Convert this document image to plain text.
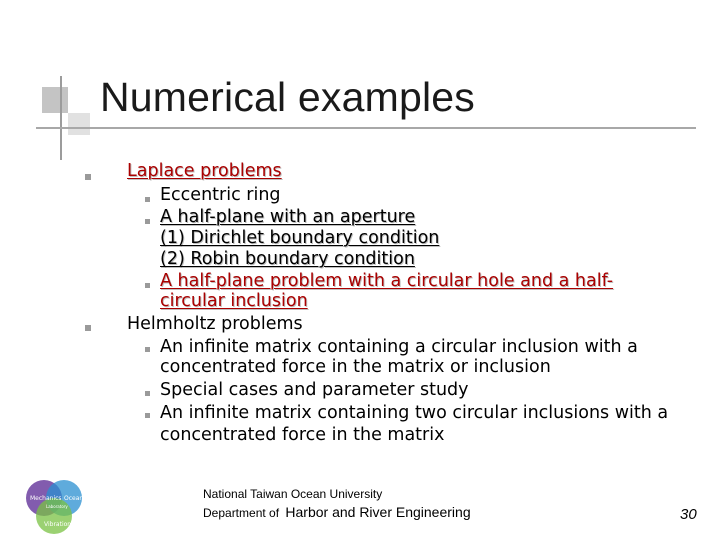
Numerical examples
Laplace problems
Eccentric ring
A half-plane with an aperture
(1) Dirichlet boundary condition
(2) Robin boundary condition
A half-plane problem with a circular hole and a half-
circular inclusion
Helmholtz problems
An infinite matrix containing a circular inclusion with a
concentrated force in the matrix or inclusion
Special cases and parameter study
An infinite matrix containing two circular inclusions with a
concentrated force in the matrix
Mechanics Ocean
Laboratory
Vibration
National Taiwan Ocean University
Department of Harbor and River Engineering	30
